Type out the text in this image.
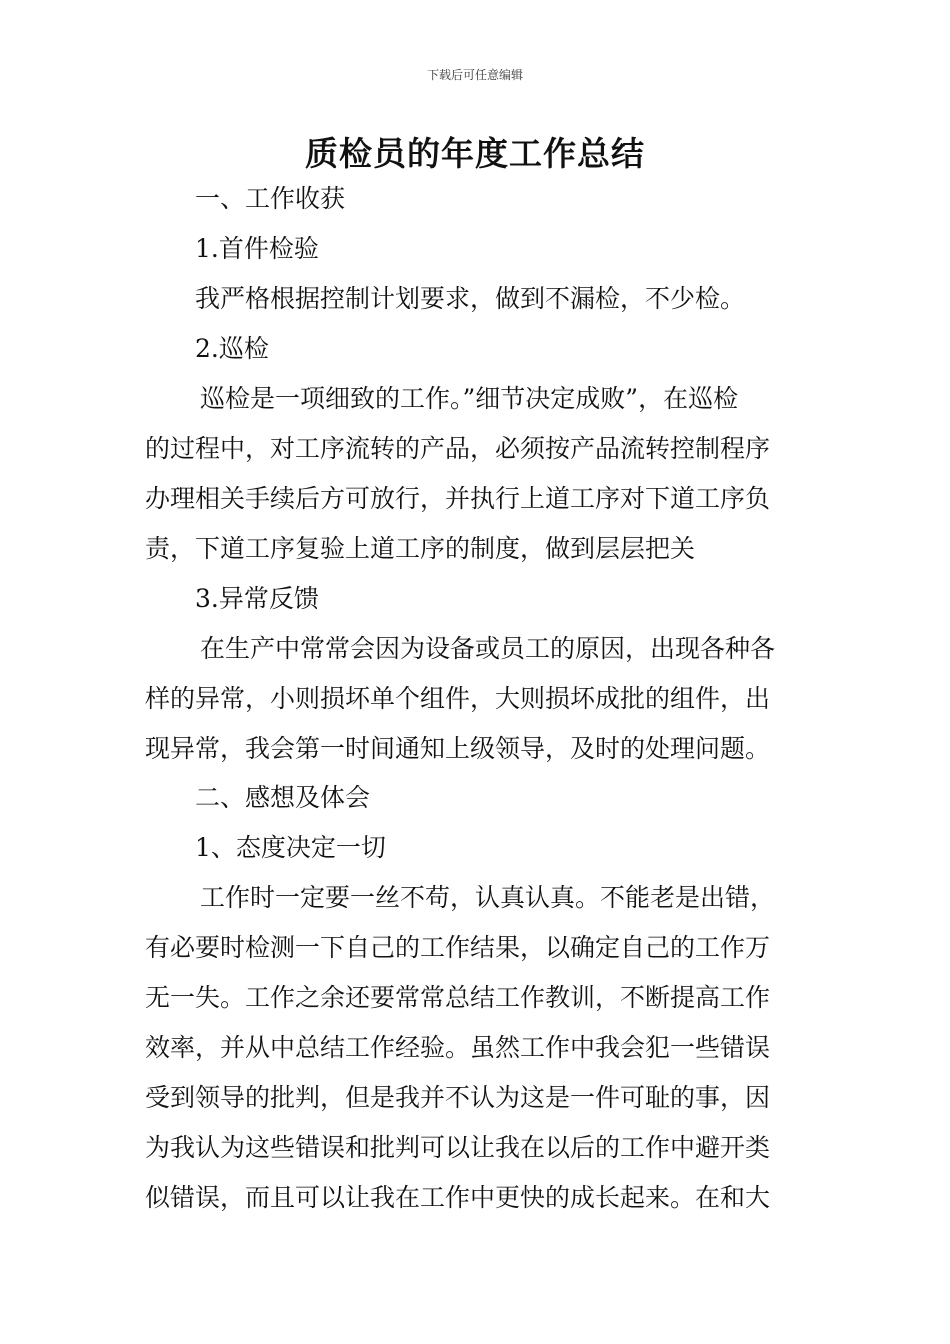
下载后可任意编辑
质检员的年度工作总结
一、工作收获
1.首件检验
我严格根据控制计划要求，做到不漏检，不少检。
2.巡检
巡检是一项细致的工作。”细节决定成败”，在巡检
的过程中，对工序流转的产品，必须按产品流转控制程序
办理相关手续后方可放行，并执行上道工序对下道工序负
责，下道工序复验上道工序的制度，做到层层把关
3.异常反馈
在生产中常常会因为设备或员工的原因，出现各种各
样的异常，小则损坏单个组件，大则损坏成批的组件，出
现异常，我会第一时间通知上级领导，及时的处理问题。
二、感想及体会
1、态度决定一切
工作时一定要一丝不苟，认真认真。不能老是出错，
有必要时检测一下自己的工作结果，以确定自己的工作万
无一失。工作之余还要常常总结工作教训，不断提高工作
效率，并从中总结工作经验。虽然工作中我会犯一些错误
受到领导的批判，但是我并不认为这是一件可耻的事，因
为我认为这些错误和批判可以让我在以后的工作中避开类
似错误，而且可以让我在工作中更快的成长起来。在和大
